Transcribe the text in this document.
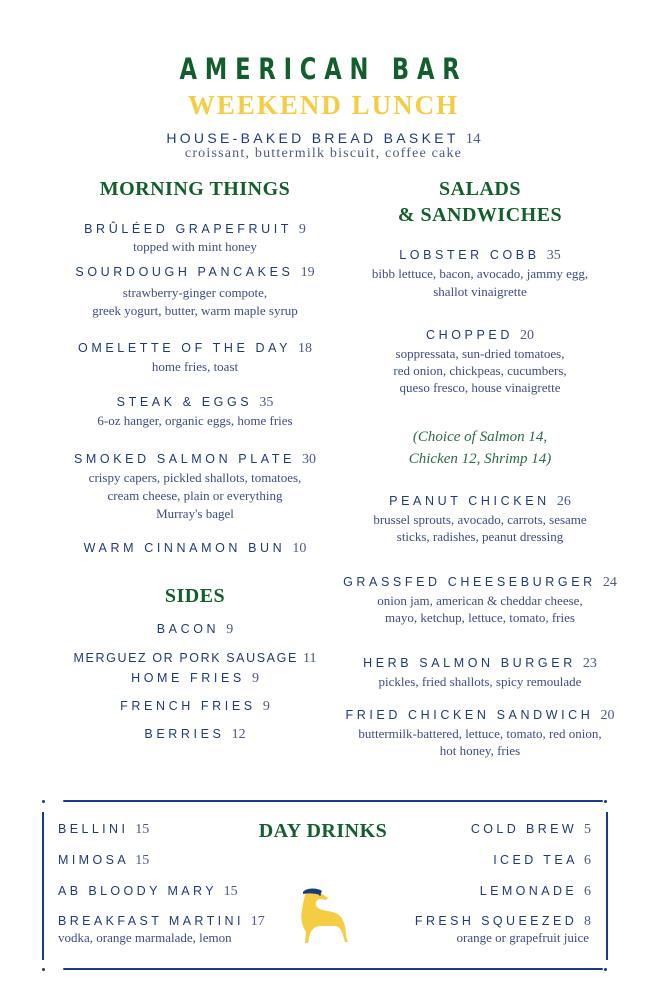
AMERICAN BAR
WEEKEND LUNCH
HOUSE-BAKED BREAD BASKET 14
croissant, buttermilk biscuit, coffee cake
MORNING THINGS
BRÛLÉED GRAPEFRUIT 9
topped with mint honey
SOURDOUGH PANCAKES 19
strawberry-ginger compote,
greek yogurt, butter, warm maple syrup
OMELETTE OF THE DAY 18
home fries, toast
STEAK & EGGS 35
6-oz hanger, organic eggs, home fries
SMOKED SALMON PLATE 30
crispy capers, pickled shallots, tomatoes,
cream cheese, plain or everything
Murray's bagel
WARM CINNAMON BUN 10
SIDES
BACON 9
MERGUEZ OR PORK SAUSAGE 11
HOME FRIES 9
FRENCH FRIES 9
BERRIES 12
SALADS
& SANDWICHES
LOBSTER COBB 35
bibb lettuce, bacon, avocado, jammy egg,
shallot vinaigrette
CHOPPED 20
soppressata, sun-dried tomatoes,
red onion, chickpeas, cucumbers,
queso fresco, house vinaigrette
(Choice of Salmon 14,
Chicken 12, Shrimp 14)
PEANUT CHICKEN 26
brussel sprouts, avocado, carrots, sesame
sticks, radishes, peanut dressing
GRASSFED CHEESEBURGER 24
onion jam, american & cheddar cheese,
mayo, ketchup, lettuce, tomato, fries
HERB SALMON BURGER 23
pickles, fried shallots, spicy remoulade
FRIED CHICKEN SANDWICH 20
buttermilk-battered, lettuce, tomato, red onion,
hot honey, fries
DAY DRINKS
BELLINI 15
MIMOSA 15
AB BLOODY MARY 15
BREAKFAST MARTINI 17
vodka, orange marmalade, lemon
COLD BREW 5
ICED TEA 6
LEMONADE 6
FRESH SQUEEZED 8
orange or grapefruit juice
